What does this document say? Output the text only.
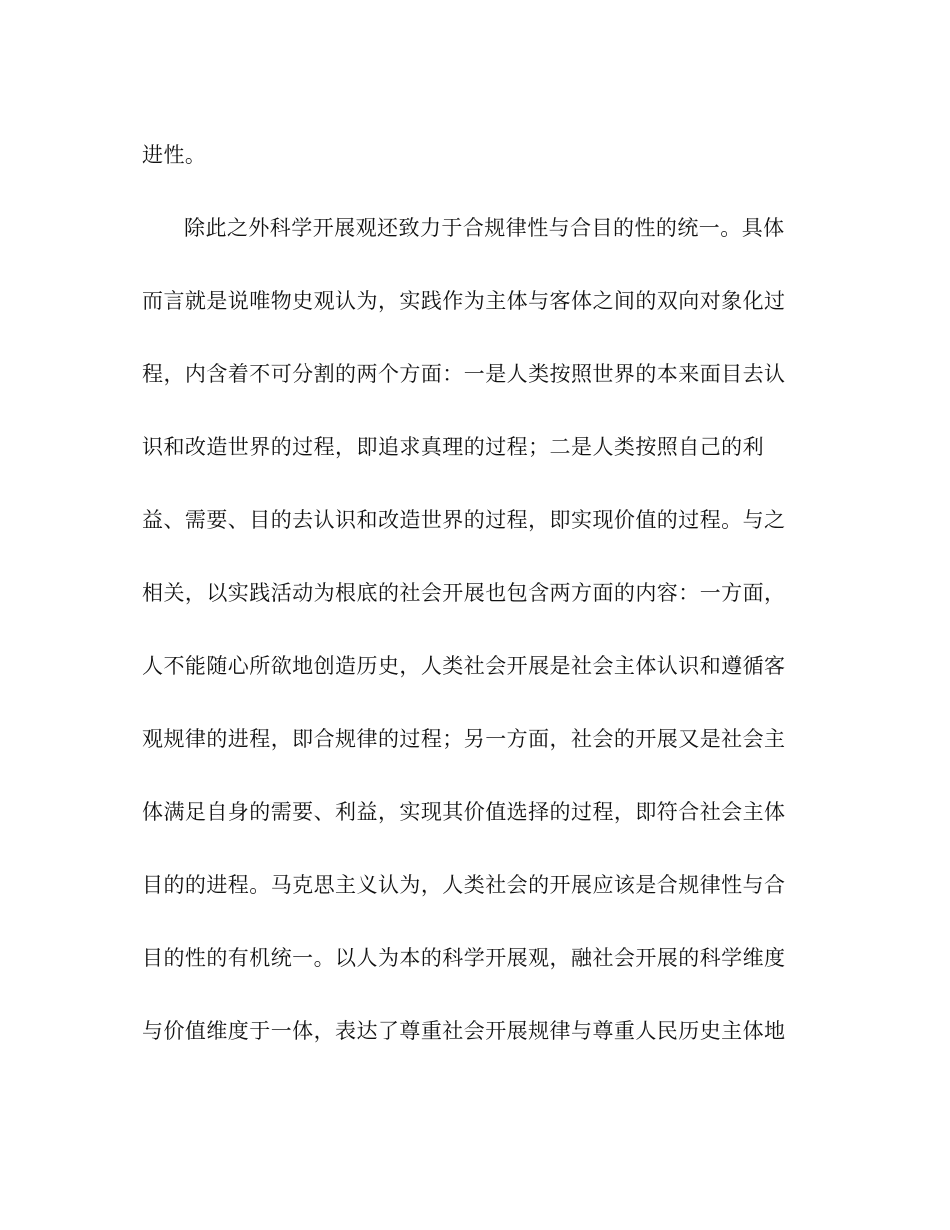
进性。
除此之外科学开展观还致力于合规律性与合目的性的统一。具体
而言就是说唯物史观认为，实践作为主体与客体之间的双向对象化过
程，内含着不可分割的两个方面：一是人类按照世界的本来面目去认
识和改造世界的过程，即追求真理的过程；二是人类按照自己的利
益、需要、目的去认识和改造世界的过程，即实现价值的过程。与之
相关，以实践活动为根底的社会开展也包含两方面的内容：一方面，
人不能随心所欲地创造历史，人类社会开展是社会主体认识和遵循客
观规律的进程，即合规律的过程；另一方面，社会的开展又是社会主
体满足自身的需要、利益，实现其价值选择的过程，即符合社会主体
目的的进程。马克思主义认为，人类社会的开展应该是合规律性与合
目的性的有机统一。以人为本的科学开展观，融社会开展的科学维度
与价值维度于一体，表达了尊重社会开展规律与尊重人民历史主体地
